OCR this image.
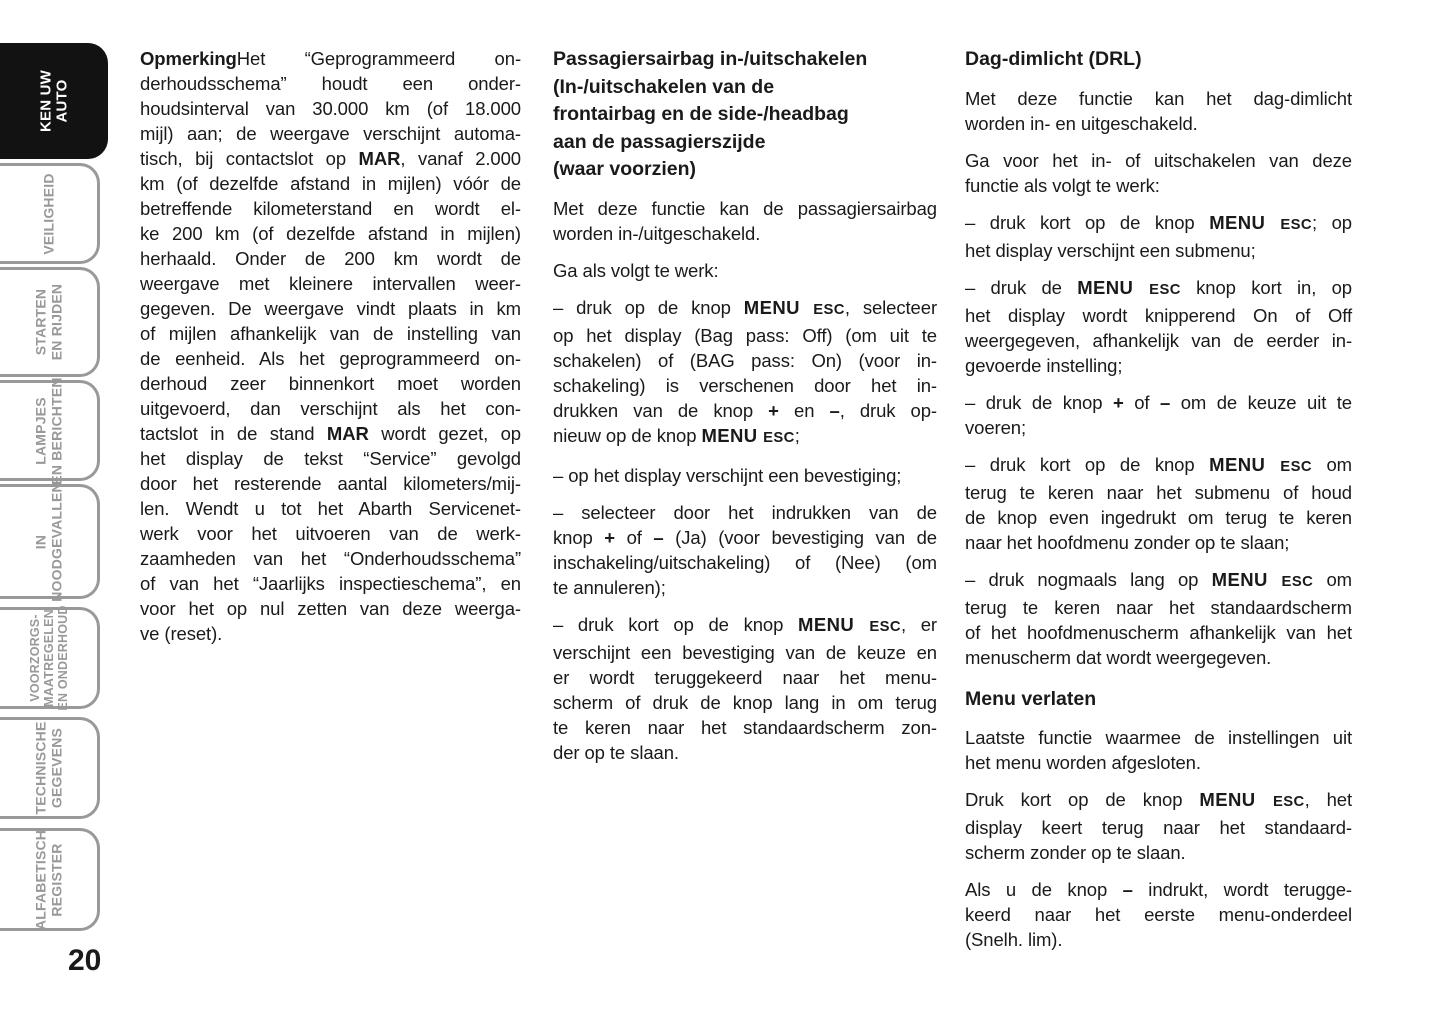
KEN UW
AUTO
VEILIGHEID
STARTEN EN RIJDEN
LAMPJES EN BERICHTEN
IN NOODGEVALLEN
VOORZORGS- MAATREGELEN EN ONDERHOUD
TECHNISCHE GEGEVENS
ALFABETISCH REGISTER
OpmerkingHet “Geprogrammeerd on-
derhoudsschema” houdt een onder-
houdsinterval van 30.000 km (of 18.000
mijl) aan; de weergave verschijnt automa-
tisch, bij contactslot op MAR, vanaf 2.000
km (of dezelfde afstand in mijlen) vóór de
betreffende kilometerstand en wordt el-
ke 200 km (of dezelfde afstand in mijlen)
herhaald. Onder de 200 km wordt de
weergave met kleinere intervallen weer-
gegeven. De weergave vindt plaats in km
of mijlen afhankelijk van de instelling van
de eenheid. Als het geprogrammeerd on-
derhoud zeer binnenkort moet worden
uitgevoerd, dan verschijnt als het con-
tactslot in de stand MAR wordt gezet, op
het display de tekst “Service” gevolgd
door het resterende aantal kilometers/mij-
len. Wendt u tot het Abarth Servicenet-
werk voor het uitvoeren van de werk-
zaamheden van het “Onderhoudsschema”
of van het “Jaarlijks inspectieschema”, en
voor het op nul zetten van deze weerga-
ve (reset).
Passagiersairbag in-/uitschakelen
(In-/uitschakelen van de
frontairbag en de side-/headbag
aan de passagierszijde
(waar voorzien)
Met deze functie kan de passagiersairbag
worden in-/uitgeschakeld.
Ga als volgt te werk:
– druk op de knop MENU ESC, selecteer
op het display (Bag pass: Off) (om uit te
schakelen) of (BAG pass: On) (voor in-
schakeling) is verschenen door het in-
drukken van de knop + en –, druk op-
nieuw op de knop MENU ESC;
– op het display verschijnt een bevestiging;
– selecteer door het indrukken van de
knop + of – (Ja) (voor bevestiging van de
inschakeling/uitschakeling) of (Nee) (om
te annuleren);
– druk kort op de knop MENU ESC, er
verschijnt een bevestiging van de keuze en
er wordt teruggekeerd naar het menu-
scherm of druk de knop lang in om terug
te keren naar het standaardscherm zon-
der op te slaan.
Dag-dimlicht (DRL)
Met deze functie kan het dag-dimlicht
worden in- en uitgeschakeld.
Ga voor het in- of uitschakelen van deze
functie als volgt te werk:
– druk kort op de knop MENU ESC; op
het display verschijnt een submenu;
– druk de MENU ESC knop kort in, op
het display wordt knipperend On of Off
weergegeven, afhankelijk van de eerder in-
gevoerde instelling;
– druk de knop + of – om de keuze uit te
voeren;
– druk kort op de knop MENU ESC om
terug te keren naar het submenu of houd
de knop even ingedrukt om terug te keren
naar het hoofdmenu zonder op te slaan;
– druk nogmaals lang op MENU ESC om
terug te keren naar het standaardscherm
of het hoofdmenuscherm afhankelijk van het
menuscherm dat wordt weergegeven.
Menu verlaten
Laatste functie waarmee de instellingen uit
het menu worden afgesloten.
Druk kort op de knop MENU ESC, het
display keert terug naar het standaard-
scherm zonder op te slaan.
Als u de knop – indrukt, wordt terugge-
keerd naar het eerste menu-onderdeel
(Snelh. lim).
20
